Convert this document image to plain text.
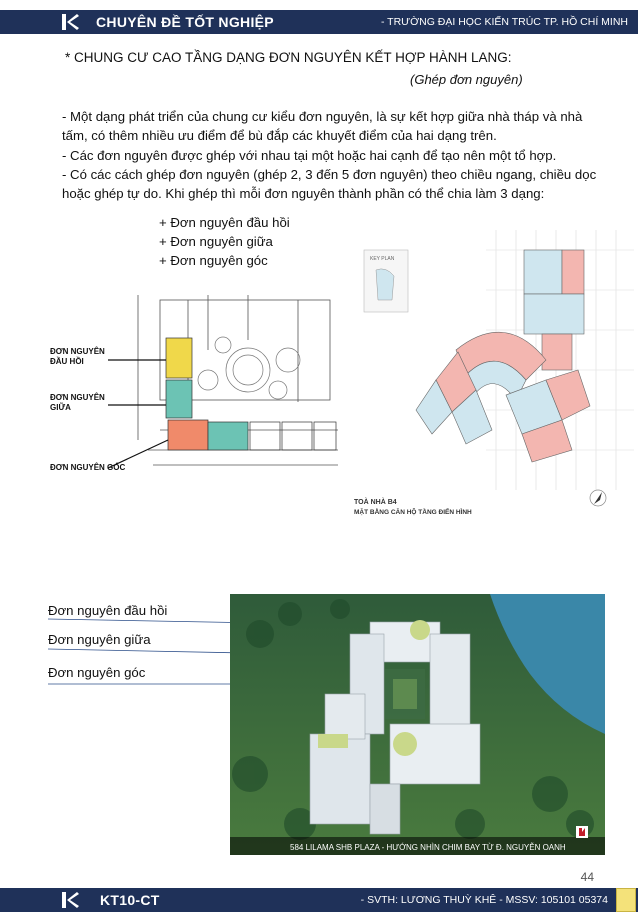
CHUYÊN ĐỀ TỐT NGHIỆP	- TRƯỜNG ĐẠI HỌC KIẾN TRÚC TP. HỒ CHÍ MINH
* CHUNG CƯ CAO TẦNG DẠNG ĐƠN NGUYÊN KẾT HỢP HÀNH LANG:
(Ghép đơn nguyên)
- Một dạng phát triển của chung cư kiểu đơn nguyên, là sự kết hợp giữa nhà tháp và nhà tấm, có thêm nhiều ưu điểm để bù đắp các khuyết điểm của hai dạng trên.
- Các đơn nguyên được ghép với nhau tại một hoặc hai cạnh để tạo nên một tổ hợp.
- Có các cách ghép đơn nguyên (ghép 2, 3 đến 5 đơn nguyên) theo chiều ngang, chiều dọc hoặc ghép tự do. Khi ghép thì mỗi đơn nguyên thành phần có thể chia làm 3 dạng:
+ Đơn nguyên đầu hồi
+ Đơn nguyên giữa
+ Đơn nguyên góc
ĐƠN NGUYÊN
ĐẦU HỒI
ĐƠN NGUYÊN
GIỮA
ĐƠN NGUYÊN GÓC
KEY PLAN
TOÀ NHÀ B4
MẶT BẰNG CĂN HỘ TẦNG ĐIỂN HÌNH
Đơn nguyên đầu hồi
Đơn nguyên giữa
Đơn nguyên góc
584 LILAMA SHB PLAZA - HƯỚNG NHÌN CHIM BAY TỪ Đ. NGUYỄN OANH
44
KT10-CT	- SVTH: LƯƠNG THUỲ KHÊ - MSSV: 105101 05374
